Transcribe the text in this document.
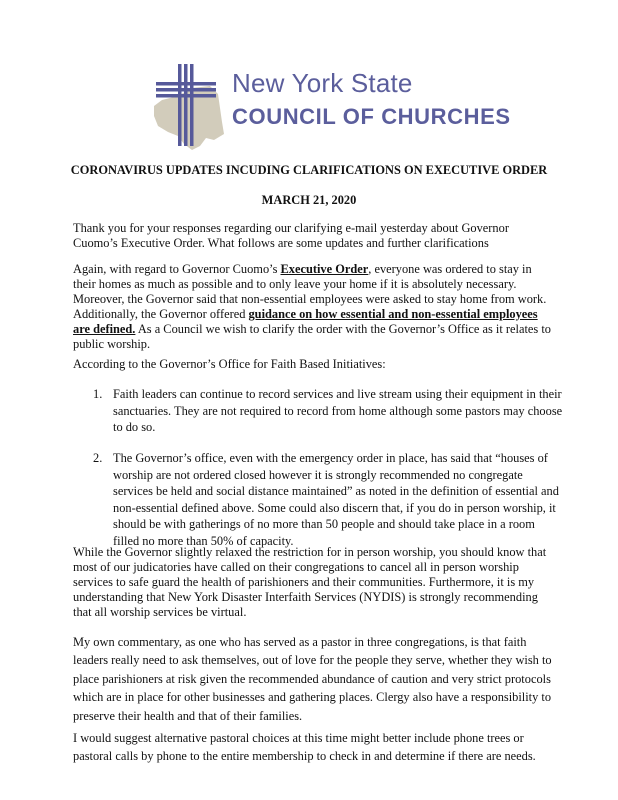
New York State
COUNCIL OF CHURCHES
CORONAVIRUS UPDATES INCUDING CLARIFICATIONS ON EXECUTIVE ORDER
MARCH 21, 2020

Thank you for your responses regarding our clarifying e-mail yesterday about Governor Cuomo’s Executive Order. What follows are some updates and further clarifications

Again, with regard to Governor Cuomo’s Executive Order, everyone was ordered to stay in their homes as much as possible and to only leave your home if it is absolutely necessary. Moreover, the Governor said that non-essential employees were asked to stay home from work. Additionally, the Governor offered guidance on how essential and non-essential employees are defined. As a Council we wish to clarify the order with the Governor’s Office as it relates to public worship.

According to the Governor’s Office for Faith Based Initiatives:

1. Faith leaders can continue to record services and live stream using their equipment in their sanctuaries. They are not required to record from home although some pastors may choose to do so.
2. The Governor’s office, even with the emergency order in place, has said that “houses of worship are not ordered closed however it is strongly recommended no congregate services be held and social distance maintained” as noted in the definition of essential and non-essential defined above. Some could also discern that, if you do in person worship, it should be with gatherings of no more than 50 people and should take place in a room filled no more than 50% of capacity.

While the Governor slightly relaxed the restriction for in person worship, you should know that most of our judicatories have called on their congregations to cancel all in person worship services to safe guard the health of parishioners and their communities. Furthermore, it is my understanding that New York Disaster Interfaith Services (NYDIS) is strongly recommending that all worship services be virtual.

My own commentary, as one who has served as a pastor in three congregations, is that faith leaders really need to ask themselves, out of love for the people they serve, whether they wish to place parishioners at risk given the recommended abundance of caution and very strict protocols which are in place for other businesses and gathering places. Clergy also have a responsibility to preserve their health and that of their families.

I would suggest alternative pastoral choices at this time might better include phone trees or pastoral calls by phone to the entire membership to check in and determine if there are needs.
